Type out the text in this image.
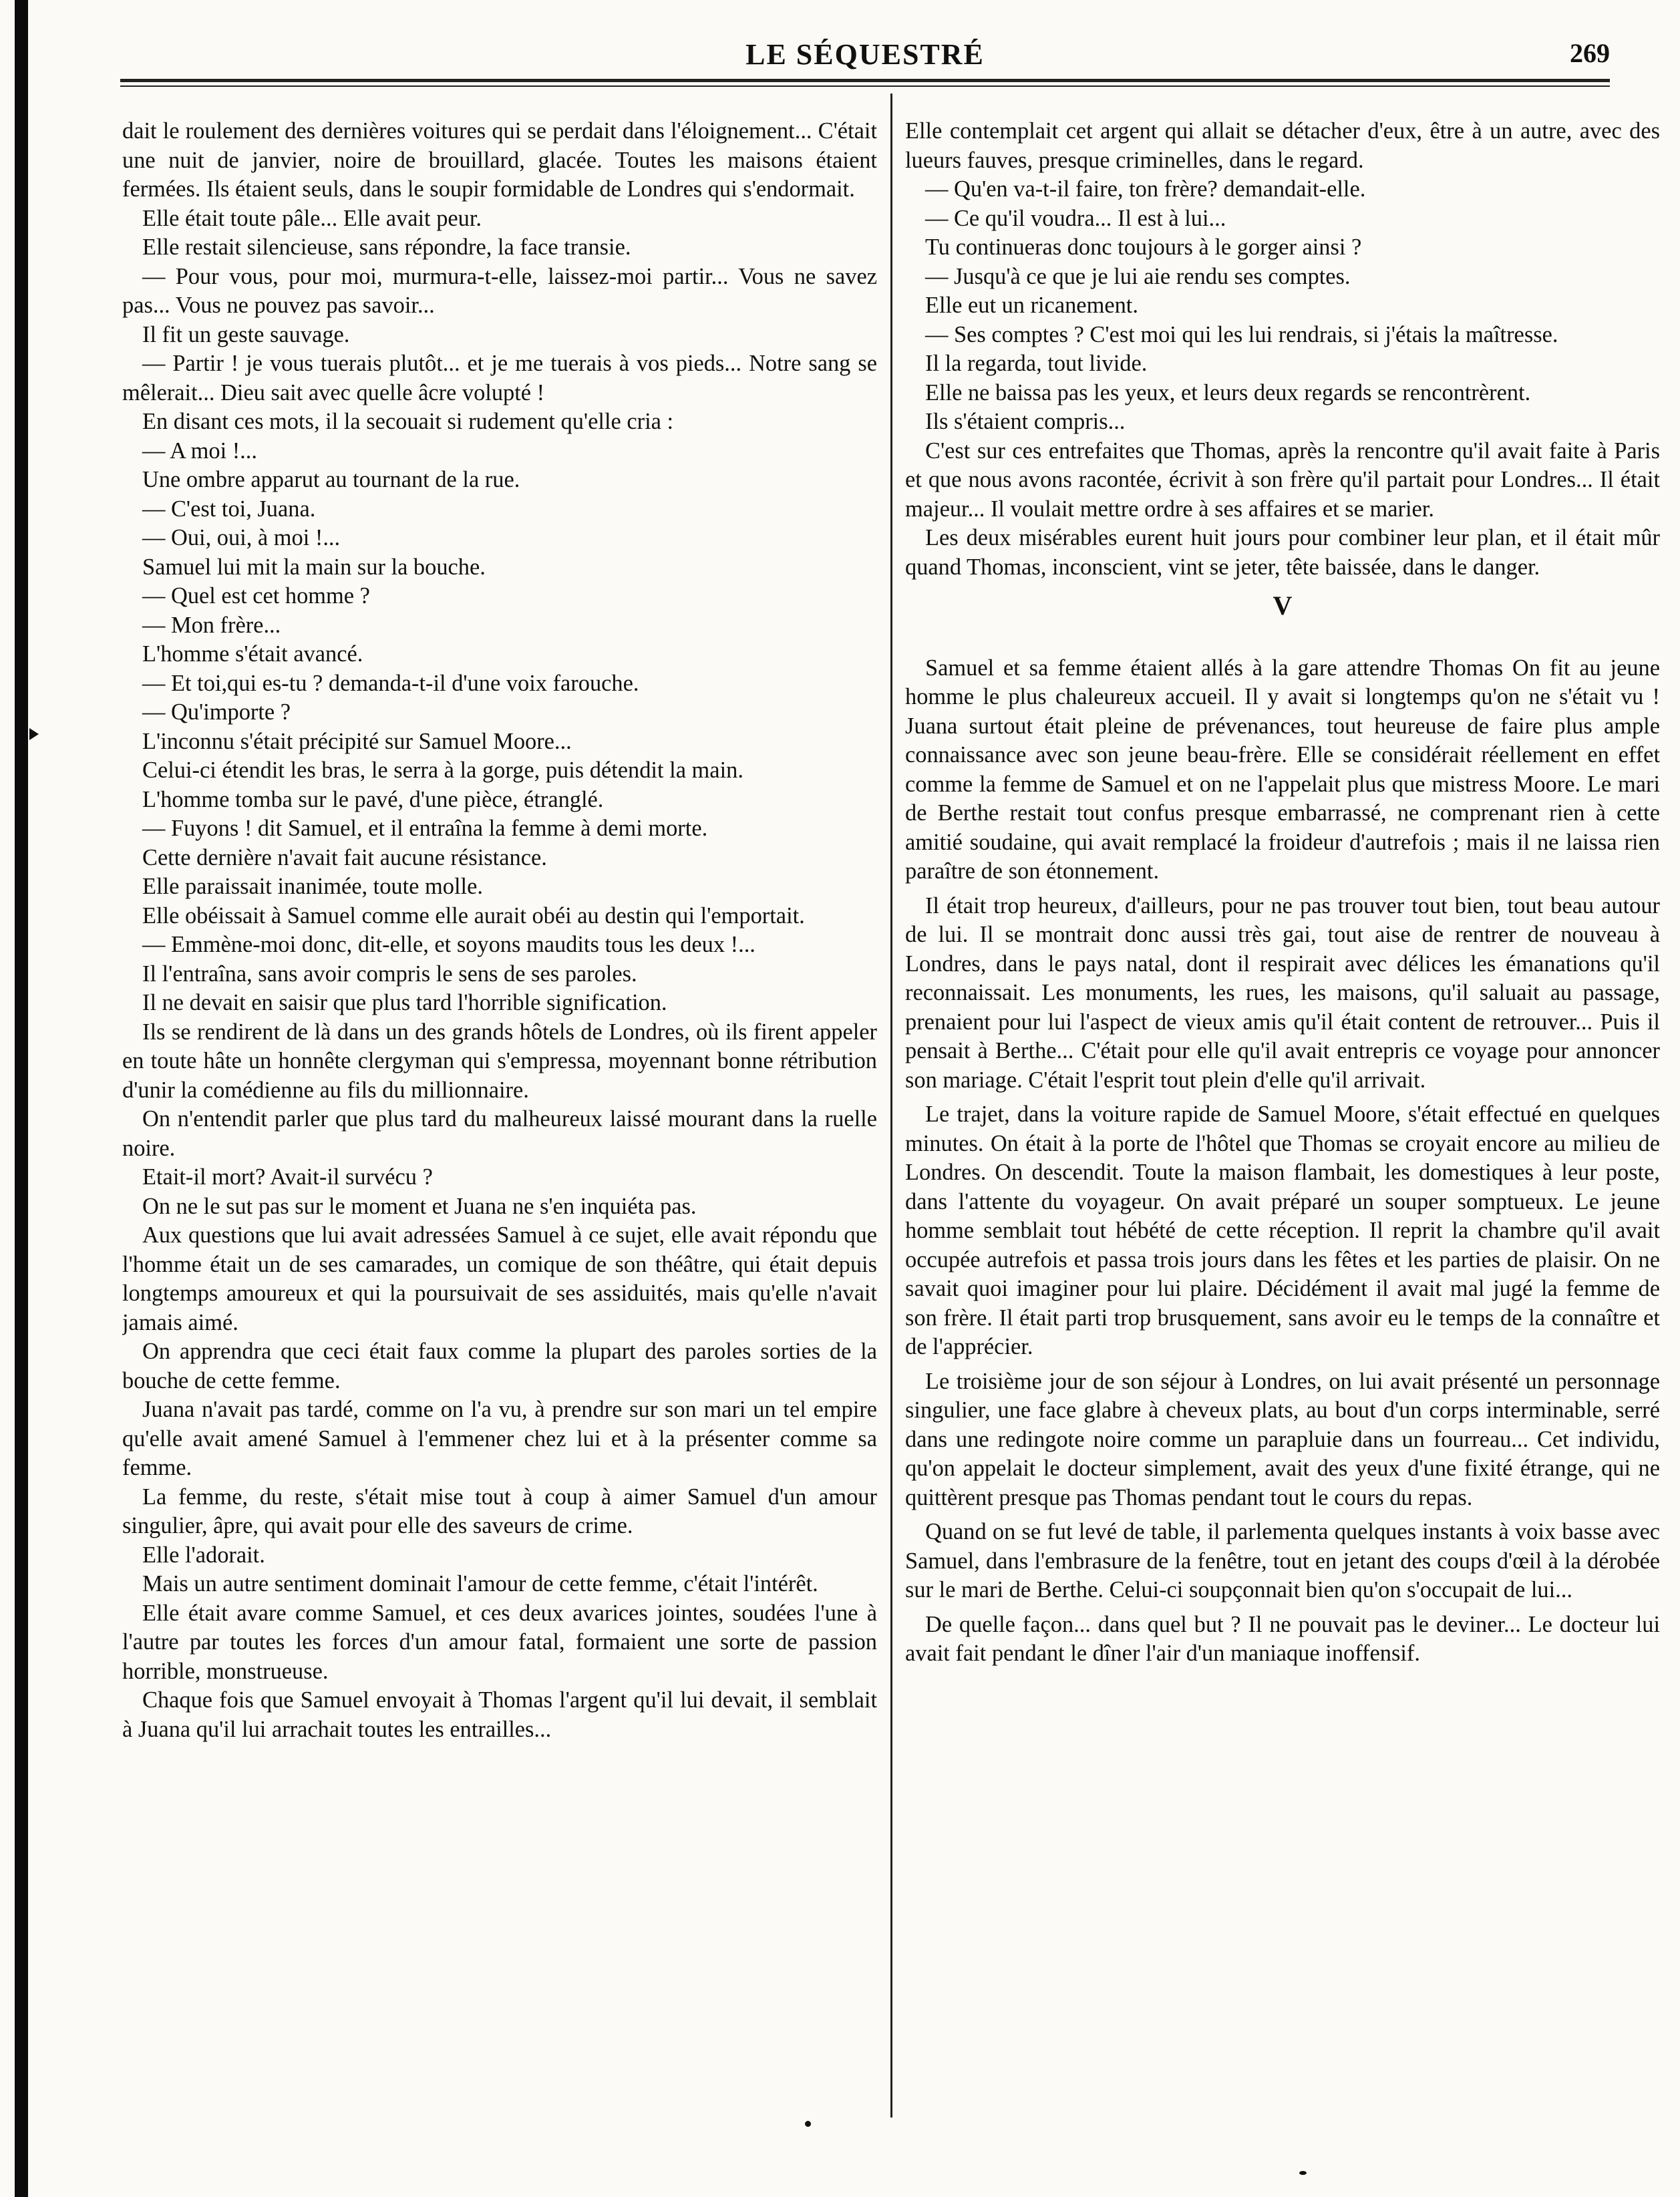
LE SÉQUESTRÉ	269

dait le roulement des dernières voitures qui se perdait dans l'éloignement... C'était une nuit de janvier, noire de brouillard, glacée. Toutes les maisons étaient fermées. Ils étaient seuls, dans le soupir formidable de Londres qui s'endormait.

Elle était toute pâle... Elle avait peur.

Elle restait silencieuse, sans répondre, la face transie.

— Pour vous, pour moi, murmura-t-elle, laissez-moi partir... Vous ne savez pas... Vous ne pouvez pas savoir...

Il fit un geste sauvage.

— Partir ! je vous tuerais plutôt... et je me tuerais à vos pieds... Notre sang se mêlerait... Dieu sait avec quelle âcre volupté !

En disant ces mots, il la secouait si rudement qu'elle cria :

— A moi !...

Une ombre apparut au tournant de la rue.

— C'est toi, Juana.

— Oui, oui, à moi !...

Samuel lui mit la main sur la bouche.

— Quel est cet homme ?

— Mon frère...

L'homme s'était avancé.

— Et toi,qui es-tu ? demanda-t-il d'une voix farouche.

— Qu'importe ?

L'inconnu s'était précipité sur Samuel Moore...

Celui-ci étendit les bras, le serra à la gorge, puis détendit la main.

L'homme tomba sur le pavé, d'une pièce, étranglé.

— Fuyons ! dit Samuel, et il entraîna la femme à demi morte.

Cette dernière n'avait fait aucune résistance.

Elle paraissait inanimée, toute molle.

Elle obéissait à Samuel comme elle aurait obéi au destin qui l'emportait.

— Emmène-moi donc, dit-elle, et soyons maudits tous les deux !...

Il l'entraîna, sans avoir compris le sens de ses paroles.

Il ne devait en saisir que plus tard l'horrible signification.

Ils se rendirent de là dans un des grands hôtels de Londres, où ils firent appeler en toute hâte un honnête clergyman qui s'empressa, moyennant bonne rétribution d'unir la comédienne au fils du millionnaire.

On n'entendit parler que plus tard du malheureux laissé mourant dans la ruelle noire.

Etait-il mort? Avait-il survécu ?

On ne le sut pas sur le moment et Juana ne s'en inquiéta pas.

Aux questions que lui avait adressées Samuel à ce sujet, elle avait répondu que l'homme était un de ses camarades, un comique de son théâtre, qui était depuis longtemps amoureux et qui la poursuivait de ses assiduités, mais qu'elle n'avait jamais aimé.

On apprendra que ceci était faux comme la plupart des paroles sorties de la bouche de cette femme.

Juana n'avait pas tardé, comme on l'a vu, à prendre sur son mari un tel empire qu'elle avait amené Samuel à l'emmener chez lui et à la présenter comme sa femme.

La femme, du reste, s'était mise tout à coup à aimer Samuel d'un amour singulier, âpre, qui avait pour elle des saveurs de crime.

Elle l'adorait.

Mais un autre sentiment dominait l'amour de cette femme, c'était l'intérêt.

Elle était avare comme Samuel, et ces deux avarices jointes, soudées l'une à l'autre par toutes les forces d'un amour fatal, formaient une sorte de passion horrible, monstrueuse.

Chaque fois que Samuel envoyait à Thomas l'argent qu'il lui devait, il semblait à Juana qu'il lui arrachait toutes les entrailles...

Elle contemplait cet argent qui allait se détacher d'eux, être à un autre, avec des lueurs fauves, presque criminelles, dans le regard.

— Qu'en va-t-il faire, ton frère? demandait-elle.

— Ce qu'il voudra... Il est à lui...

Tu continueras donc toujours à le gorger ainsi ?

— Jusqu'à ce que je lui aie rendu ses comptes.

Elle eut un ricanement.

— Ses comptes ? C'est moi qui les lui rendrais, si j'étais la maîtresse.

Il la regarda, tout livide.

Elle ne baissa pas les yeux, et leurs deux regards se rencontrèrent.

Ils s'étaient compris...

C'est sur ces entrefaites que Thomas, après la rencontre qu'il avait faite à Paris et que nous avons racontée, écrivit à son frère qu'il partait pour Londres... Il était majeur... Il voulait mettre ordre à ses affaires et se marier.

Les deux misérables eurent huit jours pour combiner leur plan, et il était mûr quand Thomas, inconscient, vint se jeter, tête baissée, dans le danger.

V

Samuel et sa femme étaient allés à la gare attendre Thomas On fit au jeune homme le plus chaleureux accueil. Il y avait si longtemps qu'on ne s'était vu ! Juana surtout était pleine de prévenances, tout heureuse de faire plus ample connaissance avec son jeune beau-frère. Elle se considérait réellement en effet comme la femme de Samuel et on ne l'appelait plus que mistress Moore. Le mari de Berthe restait tout confus presque embarrassé, ne comprenant rien à cette amitié soudaine, qui avait remplacé la froideur d'autrefois ; mais il ne laissa rien paraître de son étonnement.

Il était trop heureux, d'ailleurs, pour ne pas trouver tout bien, tout beau autour de lui. Il se montrait donc aussi très gai, tout aise de rentrer de nouveau à Londres, dans le pays natal, dont il respirait avec délices les émanations qu'il reconnaissait. Les monuments, les rues, les maisons, qu'il saluait au passage, prenaient pour lui l'aspect de vieux amis qu'il était content de retrouver... Puis il pensait à Berthe... C'était pour elle qu'il avait entrepris ce voyage pour annoncer son mariage. C'était l'esprit tout plein d'elle qu'il arrivait.

Le trajet, dans la voiture rapide de Samuel Moore, s'était effectué en quelques minutes. On était à la porte de l'hôtel que Thomas se croyait encore au milieu de Londres. On descendit. Toute la maison flambait, les domestiques à leur poste, dans l'attente du voyageur. On avait préparé un souper somptueux. Le jeune homme semblait tout hébété de cette réception. Il reprit la chambre qu'il avait occupée autrefois et passa trois jours dans les fêtes et les parties de plaisir. On ne savait quoi imaginer pour lui plaire. Décidément il avait mal jugé la femme de son frère. Il était parti trop brusquement, sans avoir eu le temps de la connaître et de l'apprécier.

Le troisième jour de son séjour à Londres, on lui avait présenté un personnage singulier, une face glabre à cheveux plats, au bout d'un corps interminable, serré dans une redingote noire comme un parapluie dans un fourreau... Cet individu, qu'on appelait le docteur simplement, avait des yeux d'une fixité étrange, qui ne quittèrent presque pas Thomas pendant tout le cours du repas.

Quand on se fut levé de table, il parlementa quelques instants à voix basse avec Samuel, dans l'embrasure de la fenêtre, tout en jetant des coups d'œil à la dérobée sur le mari de Berthe. Celui-ci soupçonnait bien qu'on s'occupait de lui...

De quelle façon... dans quel but ? Il ne pouvait pas le deviner... Le docteur lui avait fait pendant le dîner l'air d'un maniaque inoffensif.
